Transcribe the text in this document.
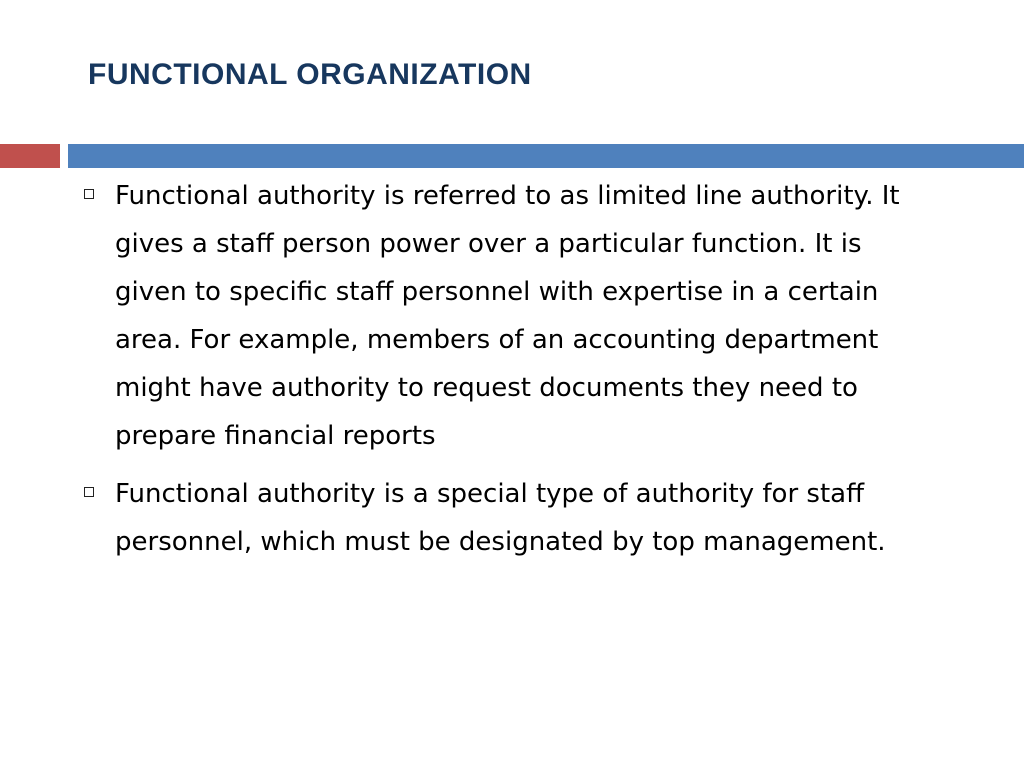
FUNCTIONAL ORGANIZATION
Functional authority is referred to as limited line authority. It gives a staff person power over a particular function. It is given to specific staff personnel with expertise in a certain area. For example, members of an accounting department might have authority to request documents they need to prepare financial reports
Functional authority is a special type of authority for staff personnel, which must be designated by top management.
